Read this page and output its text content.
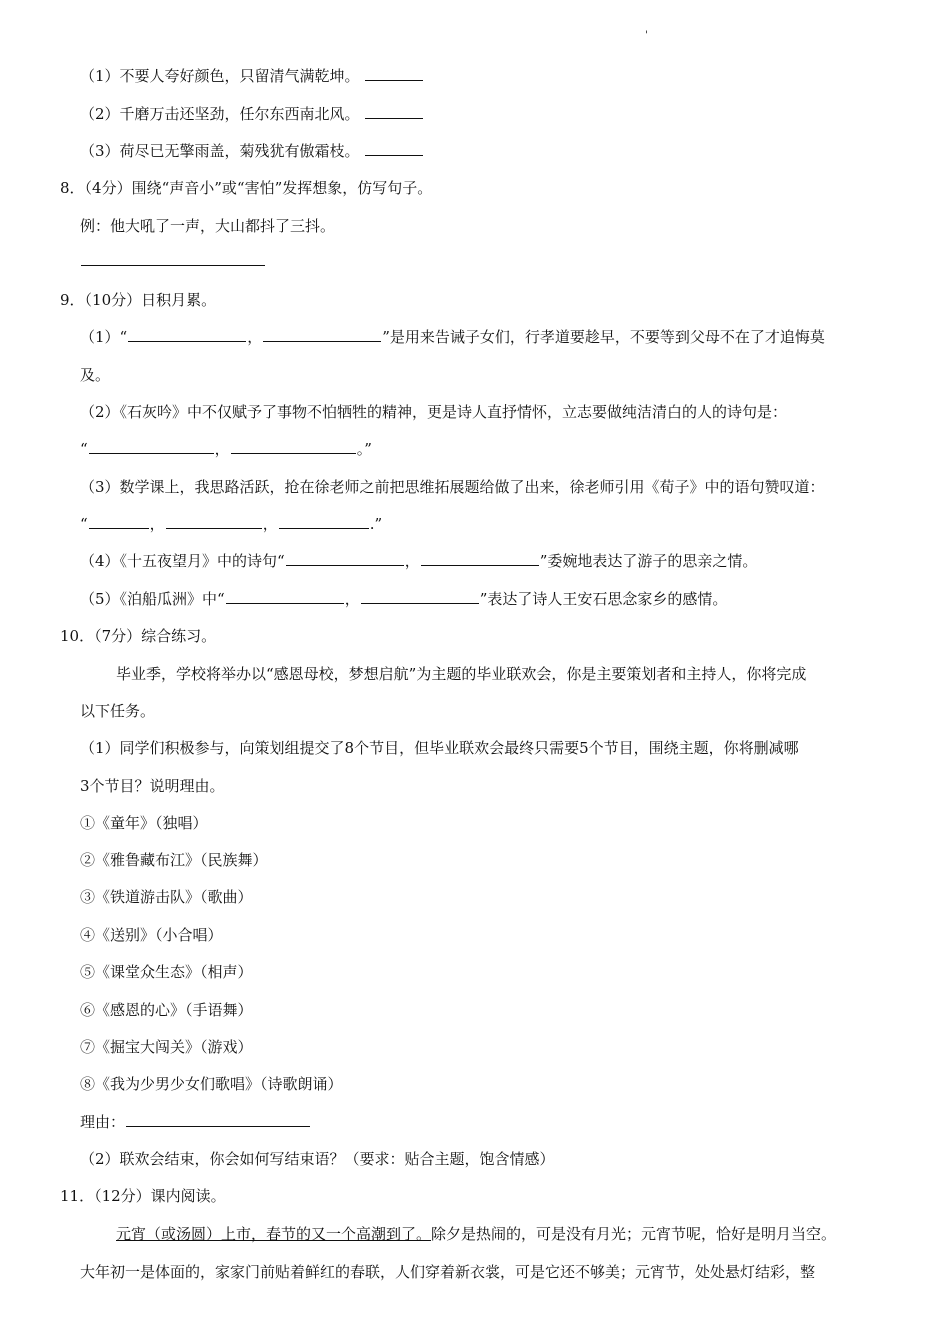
'
（1）不要人夸好颜色，只留清气满乾坤。
（2）千磨万击还坚劲，任尔东西南北风。
（3）荷尽已无擎雨盖，菊残犹有傲霜枝。
8．（4分）围绕“声音小”或“害怕”发挥想象，仿写句子。
例：他大吼了一声，大山都抖了三抖。
9．（10分）日积月累。
（1）“	，	”是用来告诫子女们，行孝道要趁早，不要等到父母不在了才追悔莫
及。
（2）《石灰吟》中不仅赋予了事物不怕牺牲的精神，更是诗人直抒情怀，立志要做纯洁清白的人的诗句是：
“	，	。”
（3）数学课上，我思路活跃，抢在徐老师之前把思维拓展题给做了出来，徐老师引用《荀子》中的语句赞叹道：
“	，	，	.”
（4）《十五夜望月》中的诗句“	，	”委婉地表达了游子的思亲之情。
（5）《泊船瓜洲》中“	，	”表达了诗人王安石思念家乡的感情。
10．（7分）综合练习。
毕业季，学校将举办以“感恩母校，梦想启航”为主题的毕业联欢会，你是主要策划者和主持人，你将完成
以下任务。
（1）同学们积极参与，向策划组提交了8个节目，但毕业联欢会最终只需要5个节目，围绕主题，你将删减哪
3个节目？说明理由。
①《童年》（独唱）
②《雅鲁藏布江》（民族舞）
③《铁道游击队》（歌曲）
④《送别》（小合唱）
⑤《课堂众生态》（相声）
⑥《感恩的心》（手语舞）
⑦《掘宝大闯关》（游戏）
⑧《我为少男少女们歌唱》（诗歌朗诵）
理由：
（2）联欢会结束，你会如何写结束语？（要求：贴合主题，饱含情感）
11．（12分）课内阅读。
元宵（或汤圆）上市，春节的又一个高潮到了。除夕是热闹的，可是没有月光；元宵节呢，恰好是明月当空。
大年初一是体面的，家家门前贴着鲜红的春联，人们穿着新衣裳，可是它还不够美；元宵节，处处悬灯结彩，整
